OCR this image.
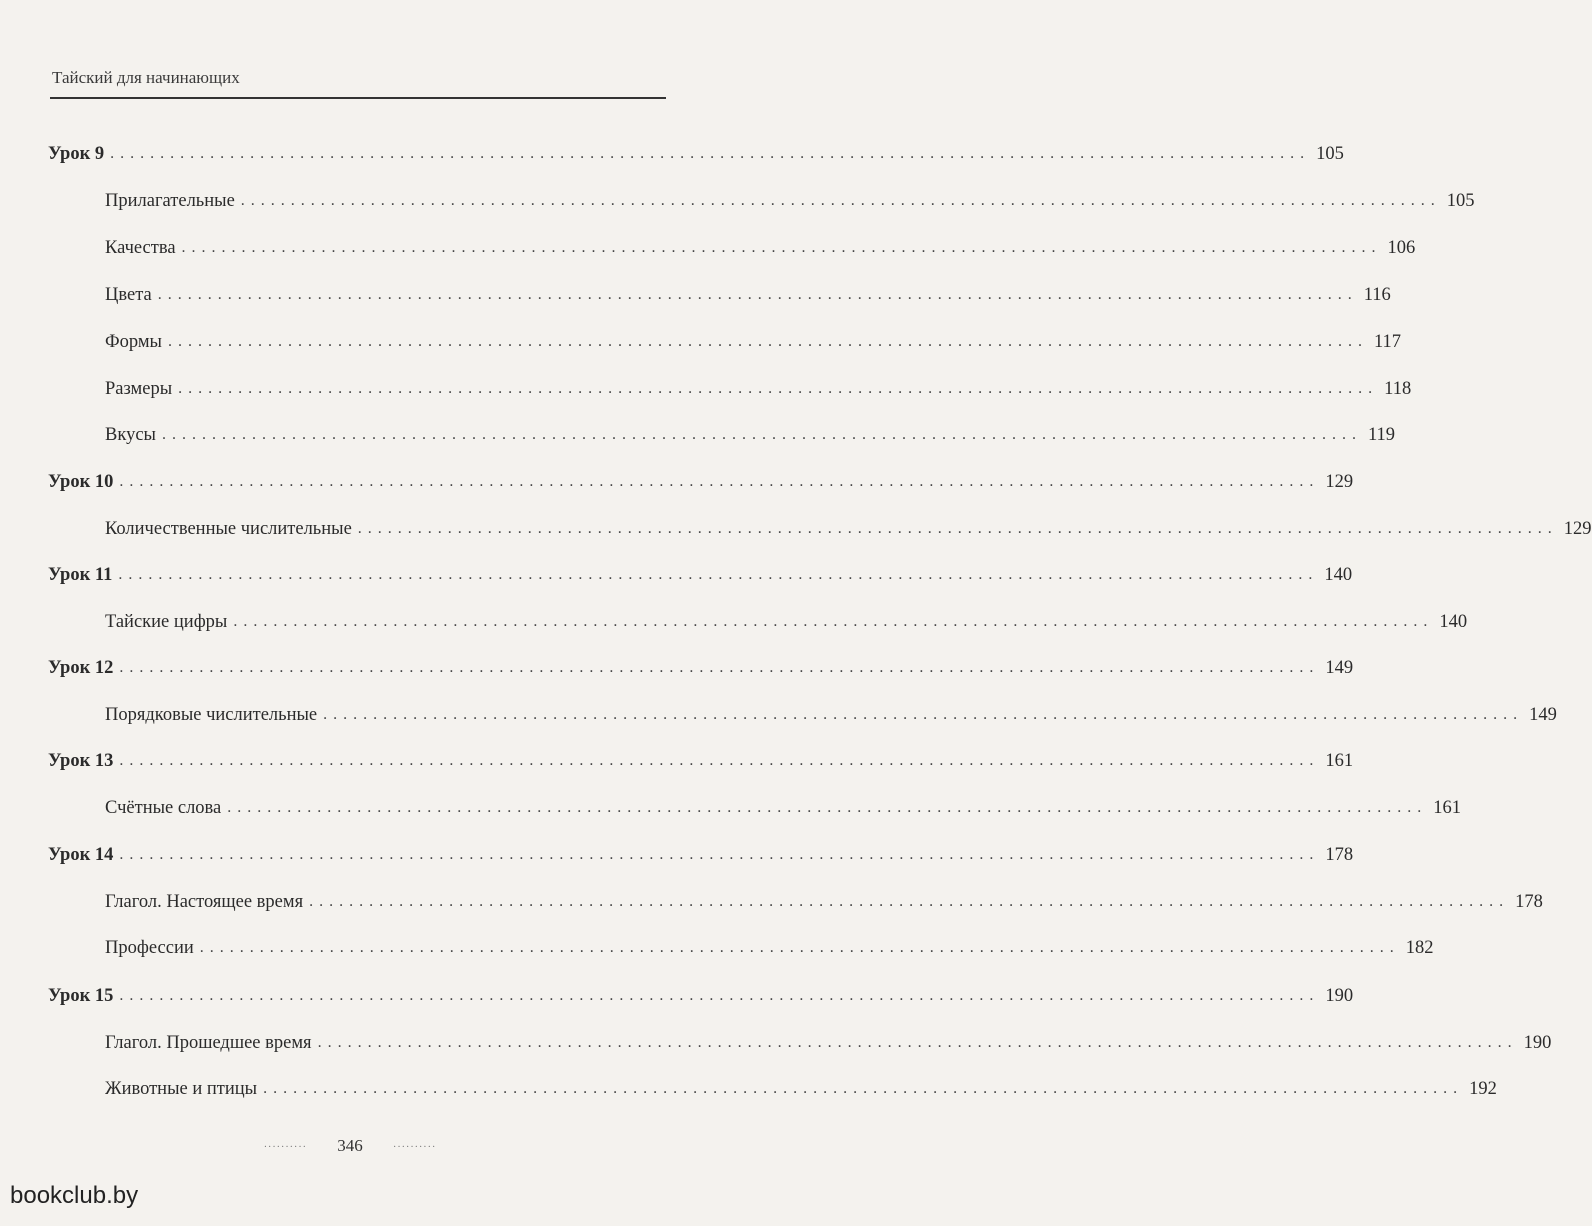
Тайский для начинающих
Урок 9 ........................................................................................................................ 105
Прилагательные ........................................................................................................................ 105
Качества ........................................................................................................................ 106
Цвета ........................................................................................................................ 116
Формы ........................................................................................................................ 117
Размеры ........................................................................................................................ 118
Вкусы ........................................................................................................................ 119
Урок 10 ........................................................................................................................ 129
Количественные числительные ........................................................................................................................ 129
Урок 11 ........................................................................................................................ 140
Тайские цифры ........................................................................................................................ 140
Урок 12 ........................................................................................................................ 149
Порядковые числительные ........................................................................................................................ 149
Урок 13 ........................................................................................................................ 161
Счётные слова ........................................................................................................................ 161
Урок 14 ........................................................................................................................ 178
Глагол. Настоящее время ........................................................................................................................ 178
Профессии ........................................................................................................................ 182
Урок 15 ........................................................................................................................ 190
Глагол. Прошедшее время ........................................................................................................................ 190
Животные и птицы ........................................................................................................................ 192
·········· 346	··········
bookclub.by
